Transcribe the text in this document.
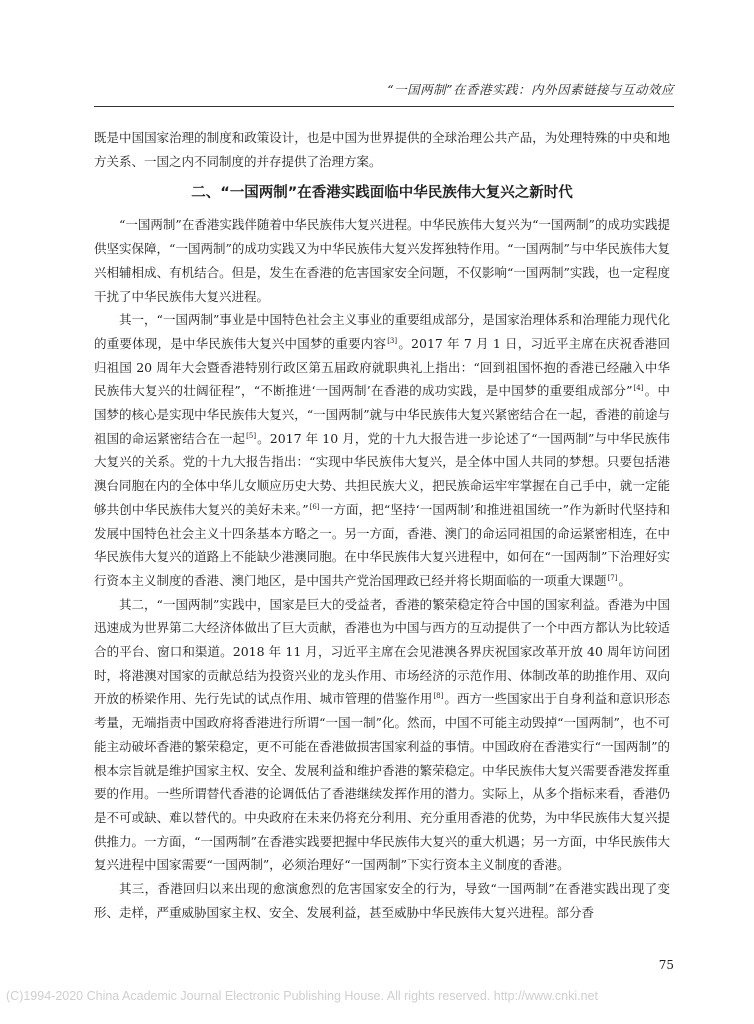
“一国两制”在香港实践：内外因素链接与互动效应

既是中国国家治理的制度和政策设计，也是中国为世界提供的全球治理公共产品，为处理特殊的中央和地方关系、一国之内不同制度的并存提供了治理方案。

二、“一国两制”在香港实践面临中华民族伟大复兴之新时代

“一国两制”在香港实践伴随着中华民族伟大复兴进程。中华民族伟大复兴为“一国两制”的成功实践提供坚实保障，“一国两制”的成功实践又为中华民族伟大复兴发挥独特作用。“一国两制”与中华民族伟大复兴相辅相成、有机结合。但是，发生在香港的危害国家安全问题，不仅影响“一国两制”实践，也一定程度干扰了中华民族伟大复兴进程。

其一，“一国两制”事业是中国特色社会主义事业的重要组成部分，是国家治理体系和治理能力现代化的重要体现，是中华民族伟大复兴中国梦的重要内容[3]。2017 年 7 月 1 日，习近平主席在庆祝香港回归祖国 20 周年大会暨香港特别行政区第五届政府就职典礼上指出：“回到祖国怀抱的香港已经融入中华民族伟大复兴的壮阔征程”，“不断推进‘一国两制’在香港的成功实践，是中国梦的重要组成部分”[4]。中国梦的核心是实现中华民族伟大复兴，“一国两制”就与中华民族伟大复兴紧密结合在一起，香港的前途与祖国的命运紧密结合在一起[5]。2017 年 10 月，党的十九大报告进一步论述了“一国两制”与中华民族伟大复兴的关系。党的十九大报告指出：“实现中华民族伟大复兴，是全体中国人共同的梦想。只要包括港澳台同胞在内的全体中华儿女顺应历史大势、共担民族大义，把民族命运牢牢掌握在自己手中，就一定能够共创中华民族伟大复兴的美好未来。”[6]一方面，把“坚持‘一国两制’和推进祖国统一”作为新时代坚持和发展中国特色社会主义十四条基本方略之一。另一方面，香港、澳门的命运同祖国的命运紧密相连，在中华民族伟大复兴的道路上不能缺少港澳同胞。在中华民族伟大复兴进程中，如何在“一国两制”下治理好实行资本主义制度的香港、澳门地区，是中国共产党治国理政已经并将长期面临的一项重大课题[7]。

其二，“一国两制”实践中，国家是巨大的受益者，香港的繁荣稳定符合中国的国家利益。香港为中国迅速成为世界第二大经济体做出了巨大贡献，香港也为中国与西方的互动提供了一个中西方都认为比较适合的平台、窗口和渠道。2018 年 11 月，习近平主席在会见港澳各界庆祝国家改革开放 40 周年访问团时，将港澳对国家的贡献总结为投资兴业的龙头作用、市场经济的示范作用、体制改革的助推作用、双向开放的桥梁作用、先行先试的试点作用、城市管理的借鉴作用[8]。西方一些国家出于自身利益和意识形态考量，无端指责中国政府将香港进行所谓“一国一制”化。然而，中国不可能主动毁掉“一国两制”，也不可能主动破坏香港的繁荣稳定，更不可能在香港做损害国家利益的事情。中国政府在香港实行“一国两制”的根本宗旨就是维护国家主权、安全、发展利益和维护香港的繁荣稳定。中华民族伟大复兴需要香港发挥重要的作用。一些所谓替代香港的论调低估了香港继续发挥作用的潜力。实际上，从多个指标来看，香港仍是不可或缺、难以替代的。中央政府在未来仍将充分利用、充分重用香港的优势，为中华民族伟大复兴提供推力。一方面，“一国两制”在香港实践要把握中华民族伟大复兴的重大机遇；另一方面，中华民族伟大复兴进程中国家需要“一国两制”，必须治理好“一国两制”下实行资本主义制度的香港。

其三，香港回归以来出现的愈演愈烈的危害国家安全的行为，导致“一国两制”在香港实践出现了变形、走样，严重威胁国家主权、安全、发展利益，甚至威胁中华民族伟大复兴进程。部分香

75
(C)1994-2020 China Academic Journal Electronic Publishing House. All rights reserved. http://www.cnki.net
